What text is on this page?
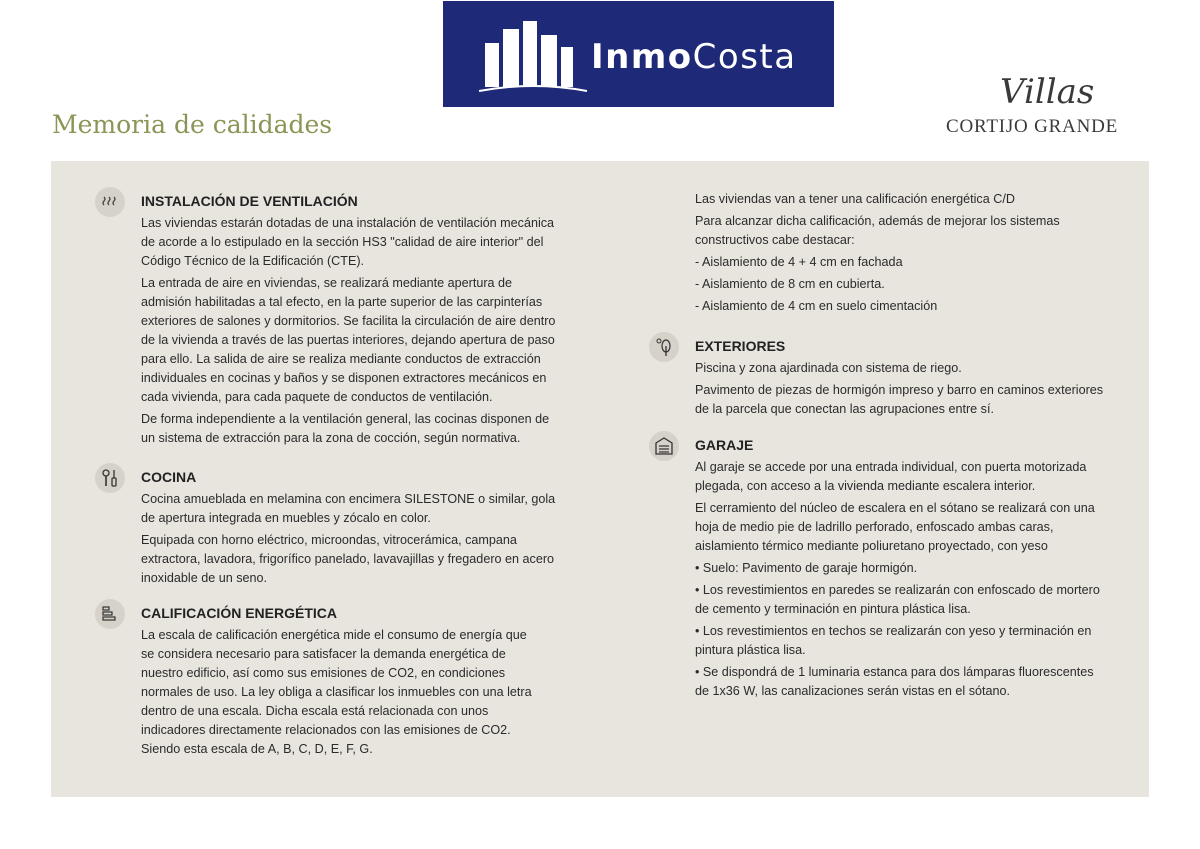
InmoCosta
Memoria de calidades
Villas
CORTIJO GRANDE
INSTALACIÓN DE VENTILACIÓN

Las viviendas estarán dotadas de una instalación de ventilación mecánica de acorde a lo estipulado en la sección HS3 "calidad de aire interior" del Código Técnico de la Edificación (CTE).

La entrada de aire en viviendas, se realizará mediante apertura de admisión habilitadas a tal efecto, en la parte superior de las carpinterías exteriores de salones y dormitorios. Se facilita la circulación de aire dentro de la vivienda a través de las puertas interiores, dejando apertura de paso para ello. La salida de aire se realiza mediante conductos de extracción individuales en cocinas y baños y se disponen extractores mecánicos en cada vivienda, para cada paquete de conductos de ventilación.

De forma independiente a la ventilación general, las cocinas disponen de un sistema de extracción para la zona de cocción, según normativa.

COCINA

Cocina amueblada en melamina con encimera SILESTONE o similar, gola de apertura integrada en muebles y zócalo en color.

Equipada con horno eléctrico, microondas, vitrocerámica, campana extractora, lavadora, frigorífico panelado, lavavajillas y fregadero en acero inoxidable de un seno.

CALIFICACIÓN ENERGÉTICA

La escala de calificación energética mide el consumo de energía que se considera necesario para satisfacer la demanda energética de nuestro edificio, así como sus emisiones de CO2, en condiciones normales de uso. La ley obliga a clasificar los inmuebles con una letra dentro de una escala. Dicha escala está relacionada con unos indicadores directamente relacionados con las emisiones de CO2. Siendo esta escala de A, B, C, D, E, F, G.

Las viviendas van a tener una calificación energética C/D

Para alcanzar dicha calificación, además de mejorar los sistemas constructivos cabe destacar:

- Aislamiento de 4 + 4 cm en fachada

- Aislamiento de 8 cm en cubierta.

- Aislamiento de 4 cm en suelo cimentación

EXTERIORES

Piscina y zona ajardinada con sistema de riego.

Pavimento de piezas de hormigón impreso y barro en caminos exteriores de la parcela que conectan las agrupaciones entre sí.

GARAJE

Al garaje se accede por una entrada individual, con puerta motorizada plegada, con acceso a la vivienda mediante escalera interior.

El cerramiento del núcleo de escalera en el sótano se realizará con una hoja de medio pie de ladrillo perforado, enfoscado ambas caras, aislamiento térmico mediante poliuretano proyectado, con yeso

• Suelo: Pavimento de garaje hormigón.

• Los revestimientos en paredes se realizarán con enfoscado de mortero de cemento y terminación en pintura plástica lisa.

• Los revestimientos en techos se realizarán con yeso y terminación en pintura plástica lisa.

• Se dispondrá de 1 luminaria estanca para dos lámparas fluorescentes de 1x36 W, las canalizaciones serán vistas en el sótano.
